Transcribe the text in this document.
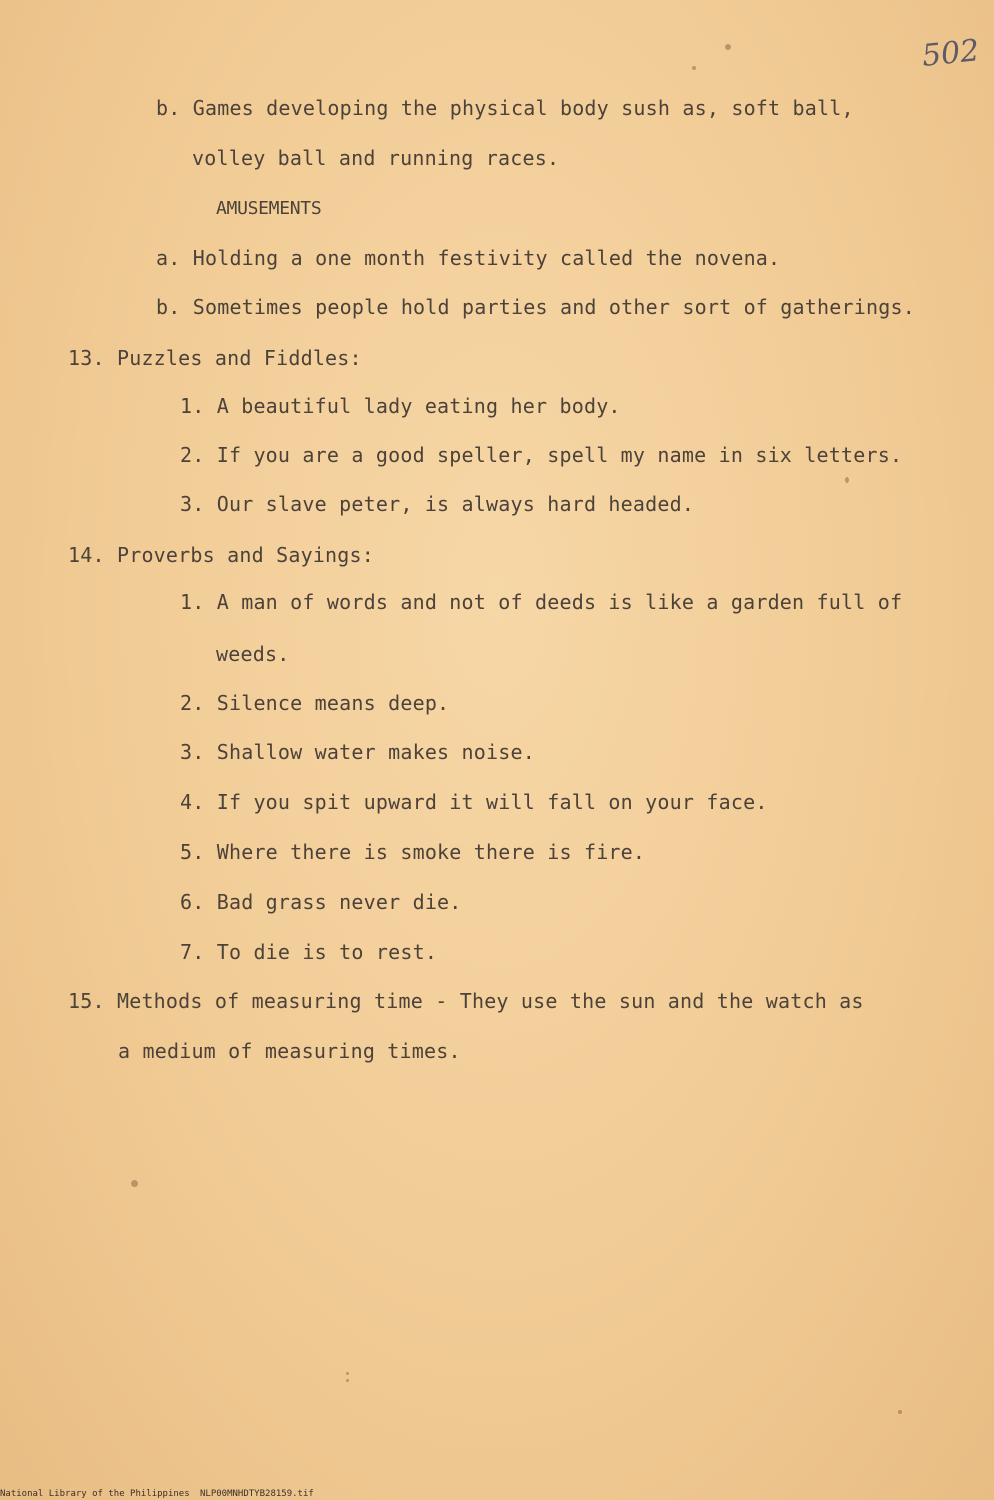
502
b. Games developing the physical body sush as, soft ball,
volley ball and running races.
AMUSEMENTS
a. Holding a one month festivity called the novena.
b. Sometimes people hold parties and other sort of gatherings.
13. Puzzles and Fiddles:
1. A beautiful lady eating her body.
2. If you are a good speller, spell my name in six letters.
3. Our slave peter, is always hard headed.
14. Proverbs and Sayings:
1. A man of words and not of deeds is like a garden full of
weeds.
2. Silence means deep.
3. Shallow water makes noise.
4. If you spit upward it will fall on your face.
5. Where there is smoke there is fire.
6. Bad grass never die.
7. To die is to rest.
15. Methods of measuring time - They use the sun and the watch as
a medium of measuring times.
National Library of the Philippines NLP00MNHDTYB28159.tif
